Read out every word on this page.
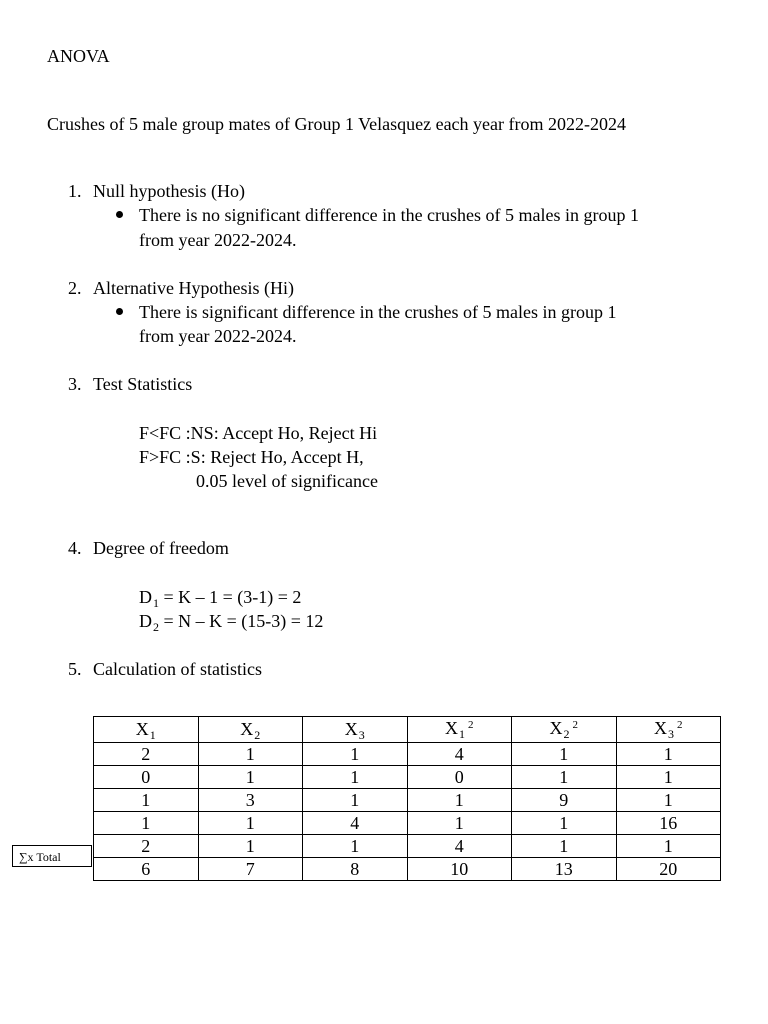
ANOVA
Crushes of 5 male group mates of Group 1 Velasquez each year from 2022-2024
1. Null hypothesis (Ho)
There is no significant difference in the crushes of 5 males in group 1
from year 2022-2024.
2. Alternative Hypothesis (Hi)
There is significant difference in the crushes of 5 males in group 1
from year 2022-2024.
3. Test Statistics
F<FC :NS: Accept Ho, Reject Hi
F>FC :S: Reject Ho, Accept H,
0.05 level of significance
4. Degree of freedom
$D_1 = K - 1 = (3-1) = 2$
$D_2 = N - K = (15-3) = 12$
5. Calculation of statistics
$X_1$	$X_2$	$X_3$	$X_1^2$	$X_2^2$	$X_3^2$
2	1	1	4	1	1
0	1	1	0	1	1
1	3	1	1	9	1
1	1	4	1	1	16
2	1	1	4	1	1
6	7	8	10	13	20
∑x Total
